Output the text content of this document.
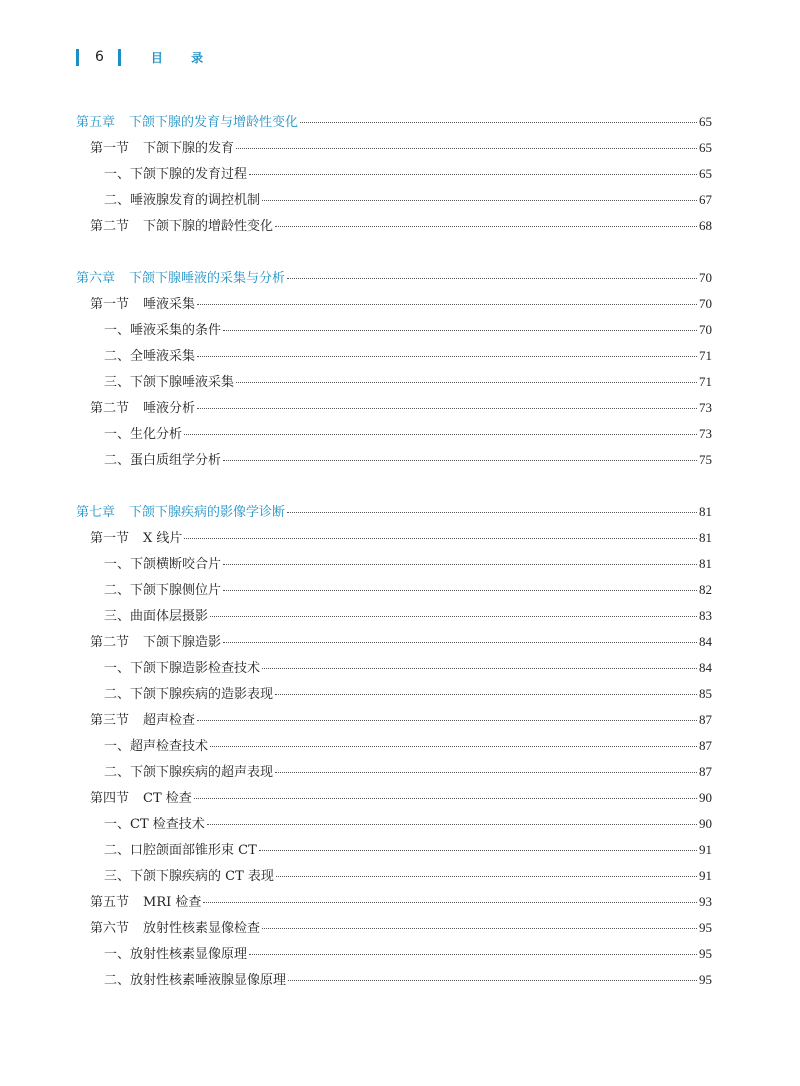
6	目 录
第五章 下颌下腺的发育与增龄性变化	65
第一节 下颌下腺的发育	65
一、下颌下腺的发育过程	65
二、唾液腺发育的调控机制	67
第二节 下颌下腺的增龄性变化	68
第六章 下颌下腺唾液的采集与分析	70
第一节 唾液采集	70
一、唾液采集的条件	70
二、全唾液采集	71
三、下颌下腺唾液采集	71
第二节 唾液分析	73
一、生化分析	73
二、蛋白质组学分析	75
第七章 下颌下腺疾病的影像学诊断	81
第一节 X 线片	81
一、下颌横断咬合片	81
二、下颌下腺侧位片	82
三、曲面体层摄影	83
第二节 下颌下腺造影	84
一、下颌下腺造影检查技术	84
二、下颌下腺疾病的造影表现	85
第三节 超声检查	87
一、超声检查技术	87
二、下颌下腺疾病的超声表现	87
第四节 CT 检查	90
一、CT 检查技术	90
二、口腔颌面部锥形束 CT	91
三、下颌下腺疾病的 CT 表现	91
第五节 MRI 检查	93
第六节 放射性核素显像检查	95
一、放射性核素显像原理	95
二、放射性核素唾液腺显像原理	95
